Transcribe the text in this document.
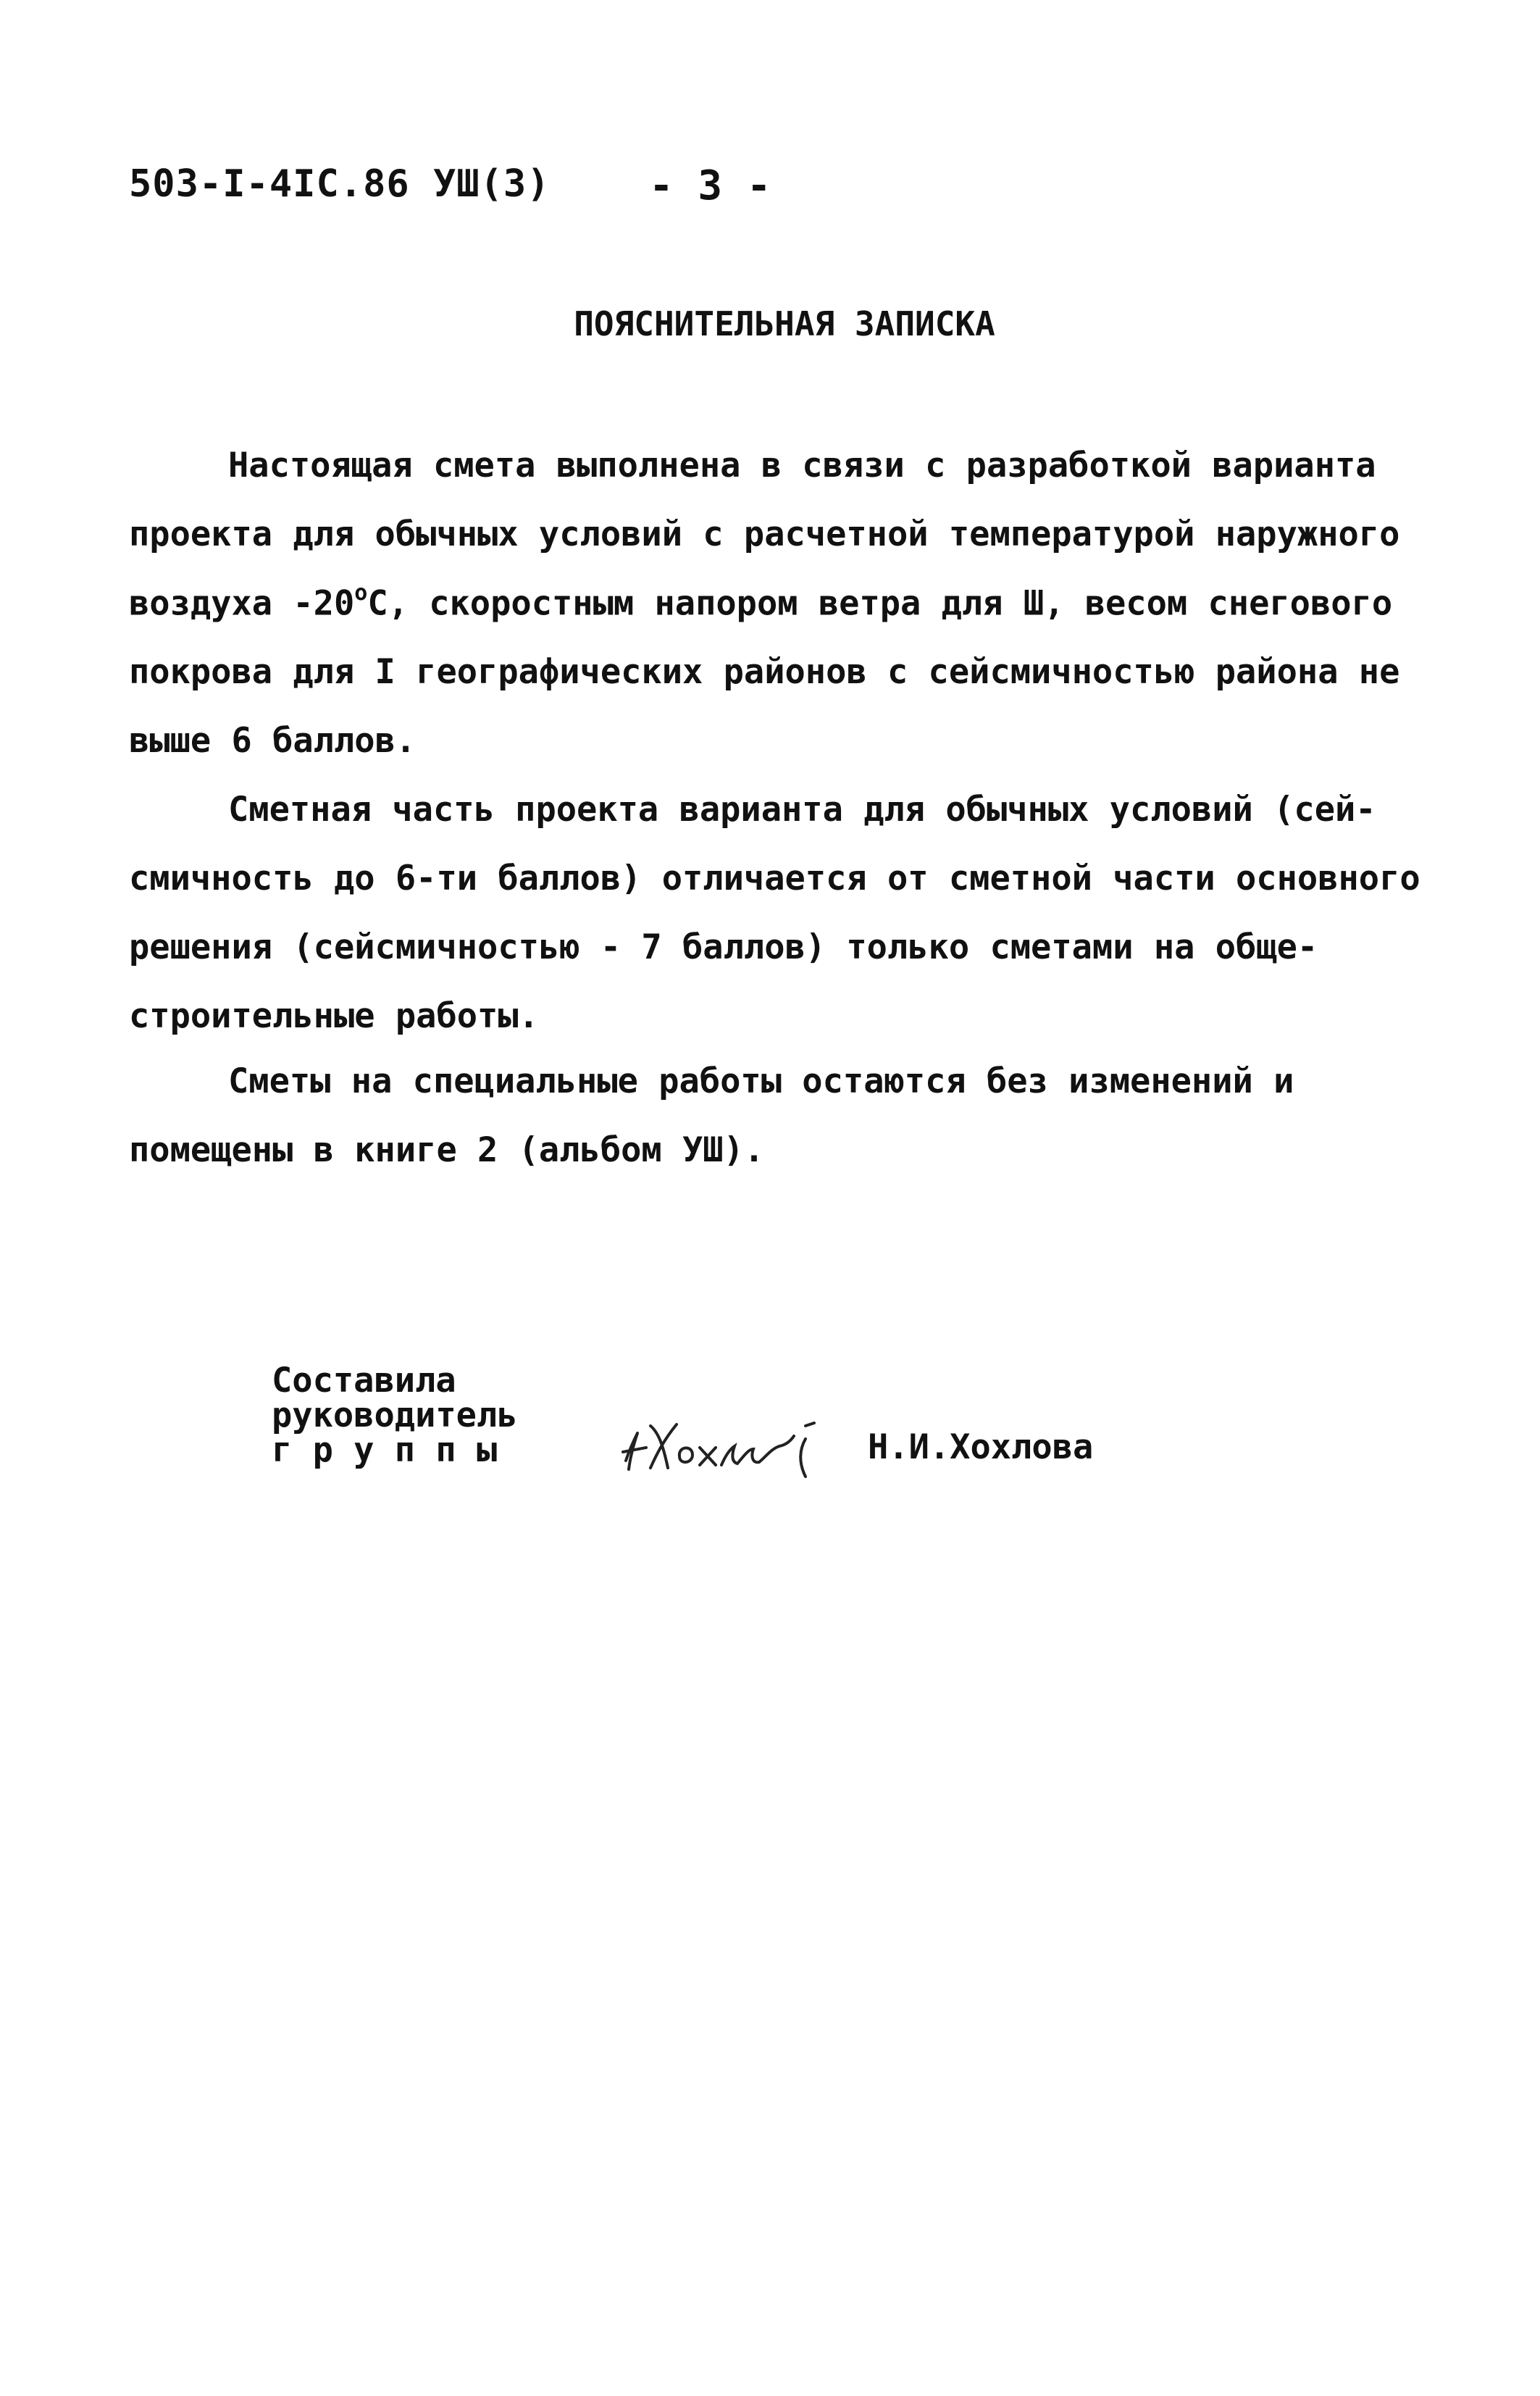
503-I-4IС.86 УШ(3) - 3 -
ПОЯСНИТЕЛЬНАЯ ЗАПИСКА
Настоящая смета выполнена в связи с разработкой варианта
проекта для обычных условий с расчетной температурой наружного
воздуха -20$^o$C, скоростным напором ветра для Ш, весом снегового
покрова для I географических районов с сейсмичностью района не
выше 6 баллов.
Сметная часть проекта варианта для обычных условий (сей-
смичность до 6-ти баллов) отличается от сметной части основного
решения (сейсмичностью - 7 баллов) только сметами на обще-
строительные работы.
Сметы на специальные работы остаются без изменений и
помещены в книге 2 (альбом УШ).
Составила
руководитель
г р у п п ы	Н.И.Хохлова
